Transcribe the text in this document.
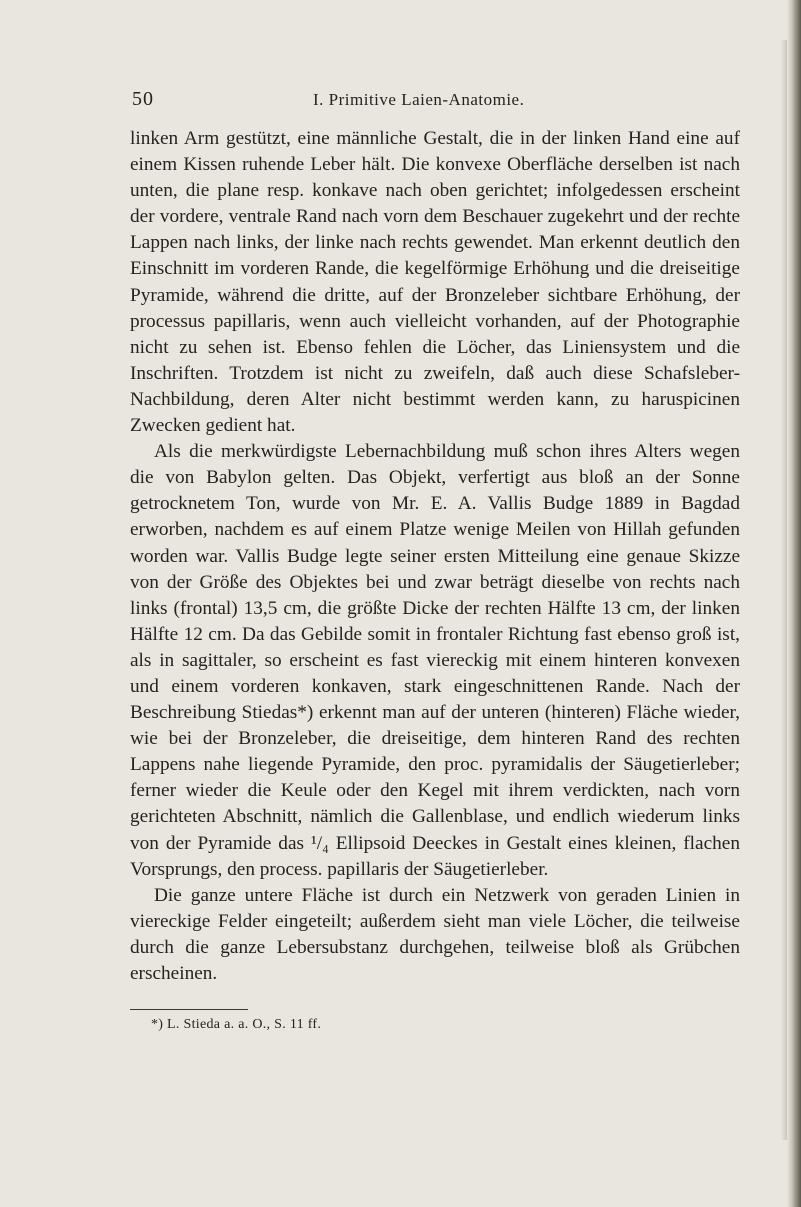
50	I. Primitive Laien-Anatomie.

linken Arm gestützt, eine männliche Gestalt, die in der linken Hand eine auf einem Kissen ruhende Leber hält. Die konvexe Oberfläche derselben ist nach unten, die plane resp. konkave nach oben gerichtet; infolgedessen erscheint der vordere, ventrale Rand nach vorn dem Beschauer zugekehrt und der rechte Lappen nach links, der linke nach rechts gewendet. Man erkennt deutlich den Einschnitt im vorderen Rande, die kegelförmige Erhöhung und die dreiseitige Pyramide, während die dritte, auf der Bronzeleber sichtbare Erhöhung, der processus papillaris, wenn auch vielleicht vorhanden, auf der Photographie nicht zu sehen ist. Ebenso fehlen die Löcher, das Liniensystem und die Inschriften. Trotzdem ist nicht zu zweifeln, daß auch diese Schafsleber-Nachbildung, deren Alter nicht bestimmt werden kann, zu haruspicinen Zwecken gedient hat.

Als die merkwürdigste Lebernachbildung muß schon ihres Alters wegen die von Babylon gelten. Das Objekt, verfertigt aus bloß an der Sonne getrocknetem Ton, wurde von Mr. E. A. Vallis Budge 1889 in Bagdad erworben, nachdem es auf einem Platze wenige Meilen von Hillah gefunden worden war. Vallis Budge legte seiner ersten Mitteilung eine genaue Skizze von der Größe des Objektes bei und zwar beträgt dieselbe von rechts nach links (frontal) 13,5 cm, die größte Dicke der rechten Hälfte 13 cm, der linken Hälfte 12 cm. Da das Gebilde somit in frontaler Richtung fast ebenso groß ist, als in sagittaler, so erscheint es fast viereckig mit einem hinteren konvexen und einem vorderen konkaven, stark eingeschnittenen Rande. Nach der Beschreibung Stiedas*) erkennt man auf der unteren (hinteren) Fläche wieder, wie bei der Bronzeleber, die dreiseitige, dem hinteren Rand des rechten Lappens nahe liegende Pyramide, den proc. pyramidalis der Säugetierleber; ferner wieder die Keule oder den Kegel mit ihrem verdickten, nach vorn gerichteten Abschnitt, nämlich die Gallenblase, und endlich wiederum links von der Pyramide das ¹/₄ Ellipsoid Deeckes in Gestalt eines kleinen, flachen Vorsprungs, den process. papillaris der Säugetierleber.

Die ganze untere Fläche ist durch ein Netzwerk von geraden Linien in viereckige Felder eingeteilt; außerdem sieht man viele Löcher, die teilweise durch die ganze Lebersubstanz durchgehen, teilweise bloß als Grübchen erscheinen.

*) L. Stieda a. a. O., S. 11 ff.
